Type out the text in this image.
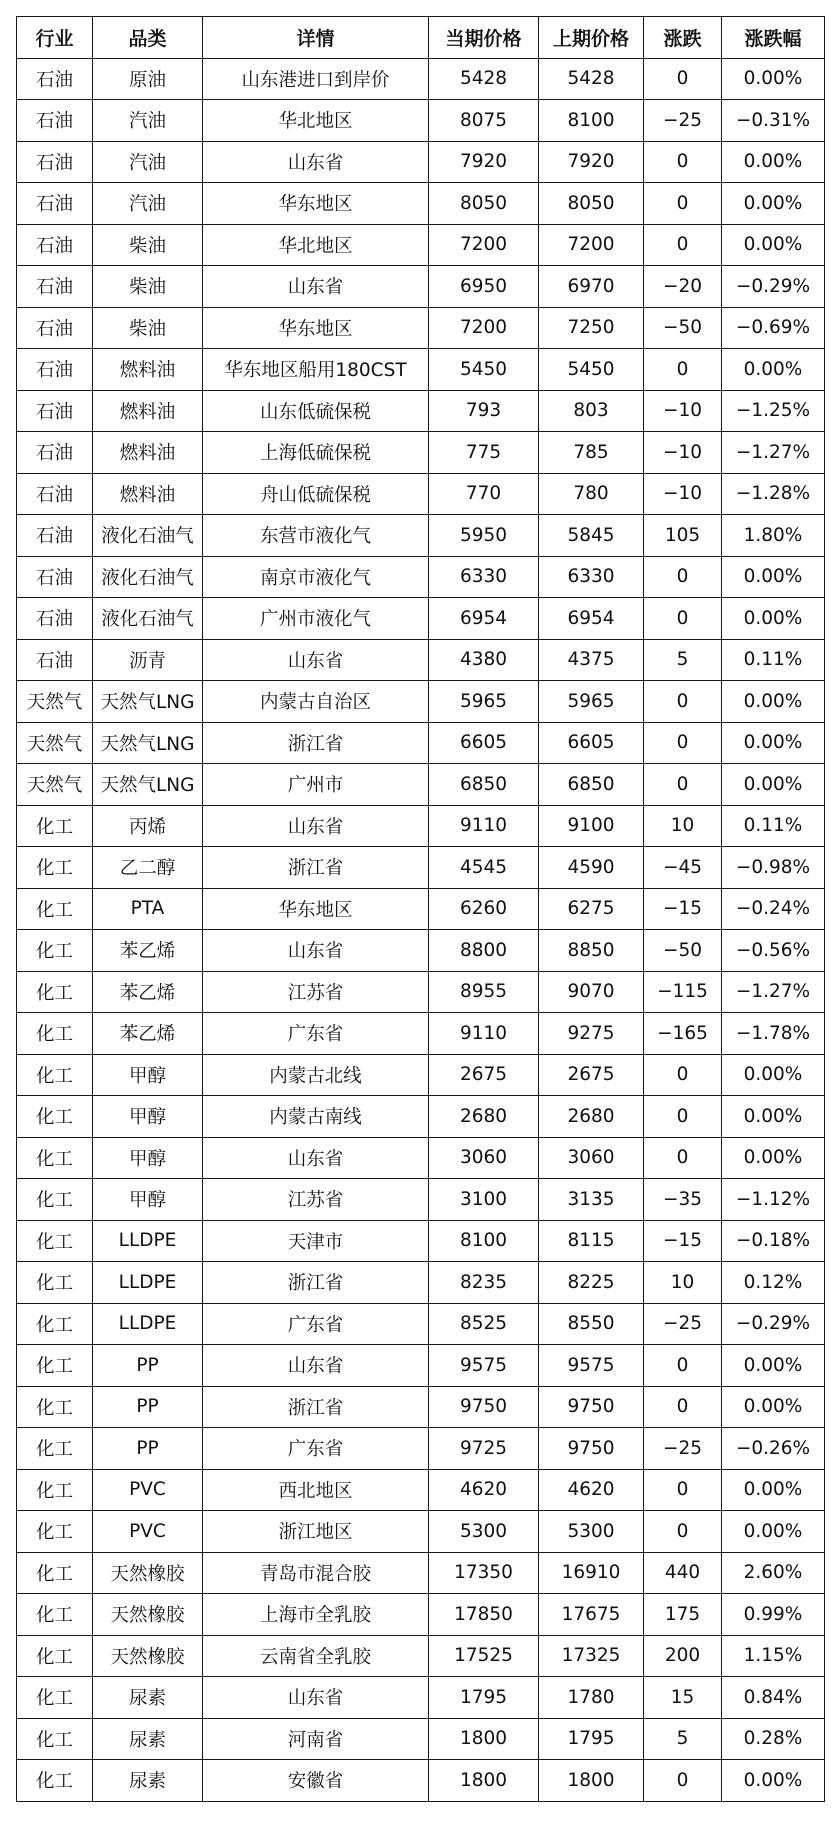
行业	品类	详情	当期价格	上期价格	涨跌	涨跌幅
石油	原油	山东港进口到岸价	5428	5428	0	0.00%
石油	汽油	华北地区	8075	8100	−25	−0.31%
石油	汽油	山东省	7920	7920	0	0.00%
石油	汽油	华东地区	8050	8050	0	0.00%
石油	柴油	华北地区	7200	7200	0	0.00%
石油	柴油	山东省	6950	6970	−20	−0.29%
石油	柴油	华东地区	7200	7250	−50	−0.69%
石油	燃料油	华东地区船用180CST	5450	5450	0	0.00%
石油	燃料油	山东低硫保税	793	803	−10	−1.25%
石油	燃料油	上海低硫保税	775	785	−10	−1.27%
石油	燃料油	舟山低硫保税	770	780	−10	−1.28%
石油	液化石油气	东营市液化气	5950	5845	105	1.80%
石油	液化石油气	南京市液化气	6330	6330	0	0.00%
石油	液化石油气	广州市液化气	6954	6954	0	0.00%
石油	沥青	山东省	4380	4375	5	0.11%
天然气	天然气LNG	内蒙古自治区	5965	5965	0	0.00%
天然气	天然气LNG	浙江省	6605	6605	0	0.00%
天然气	天然气LNG	广州市	6850	6850	0	0.00%
化工	丙烯	山东省	9110	9100	10	0.11%
化工	乙二醇	浙江省	4545	4590	−45	−0.98%
化工	PTA	华东地区	6260	6275	−15	−0.24%
化工	苯乙烯	山东省	8800	8850	−50	−0.56%
化工	苯乙烯	江苏省	8955	9070	−115	−1.27%
化工	苯乙烯	广东省	9110	9275	−165	−1.78%
化工	甲醇	内蒙古北线	2675	2675	0	0.00%
化工	甲醇	内蒙古南线	2680	2680	0	0.00%
化工	甲醇	山东省	3060	3060	0	0.00%
化工	甲醇	江苏省	3100	3135	−35	−1.12%
化工	LLDPE	天津市	8100	8115	−15	−0.18%
化工	LLDPE	浙江省	8235	8225	10	0.12%
化工	LLDPE	广东省	8525	8550	−25	−0.29%
化工	PP	山东省	9575	9575	0	0.00%
化工	PP	浙江省	9750	9750	0	0.00%
化工	PP	广东省	9725	9750	−25	−0.26%
化工	PVC	西北地区	4620	4620	0	0.00%
化工	PVC	浙江地区	5300	5300	0	0.00%
化工	天然橡胶	青岛市混合胶	17350	16910	440	2.60%
化工	天然橡胶	上海市全乳胶	17850	17675	175	0.99%
化工	天然橡胶	云南省全乳胶	17525	17325	200	1.15%
化工	尿素	山东省	1795	1780	15	0.84%
化工	尿素	河南省	1800	1795	5	0.28%
化工	尿素	安徽省	1800	1800	0	0.00%
